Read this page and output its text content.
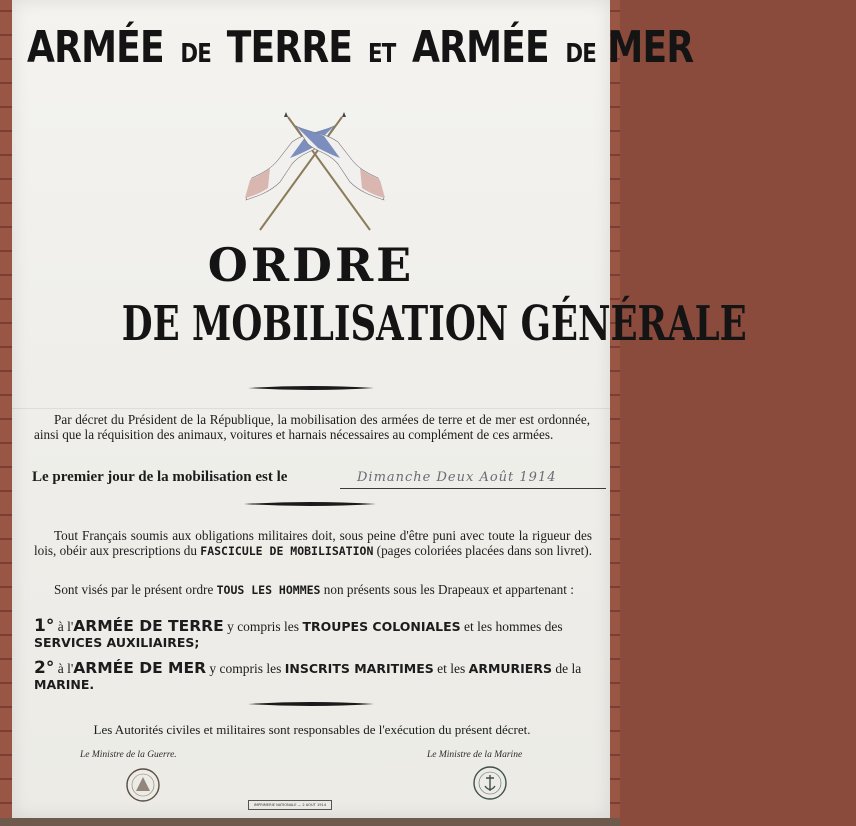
ARMÉE DE TERRE ET ARMÉE DE MER
ORDRE
DE MOBILISATION GÉNÉRALE
Par décret du Président de la République, la mobilisation des armées de terre et de mer est ordonnée, ainsi que la réquisition des animaux, voitures et harnais nécessaires au complément de ces armées.
Le premier jour de la mobilisation est le	Dimanche Deux Août 1914
Tout Français soumis aux obligations militaires doit, sous peine d'être puni avec toute la rigueur des lois, obéir aux prescriptions du FASCICULE DE MOBILISATION (pages coloriées placées dans son livret).
Sont visés par le présent ordre TOUS LES HOMMES non présents sous les Drapeaux et appartenant :
1° à l'ARMÉE DE TERRE y compris les TROUPES COLONIALES et les hommes des SERVICES AUXILIAIRES;
2° à l'ARMÉE DE MER y compris les INSCRITS MARITIMES et les ARMURIERS de la MARINE.
Les Autorités civiles et militaires sont responsables de l'exécution du présent décret.
Le Ministre de la Guerre.	Le Ministre de la Marine
IMPRIMERIE NATIONALE — 2 AOUT 1914
